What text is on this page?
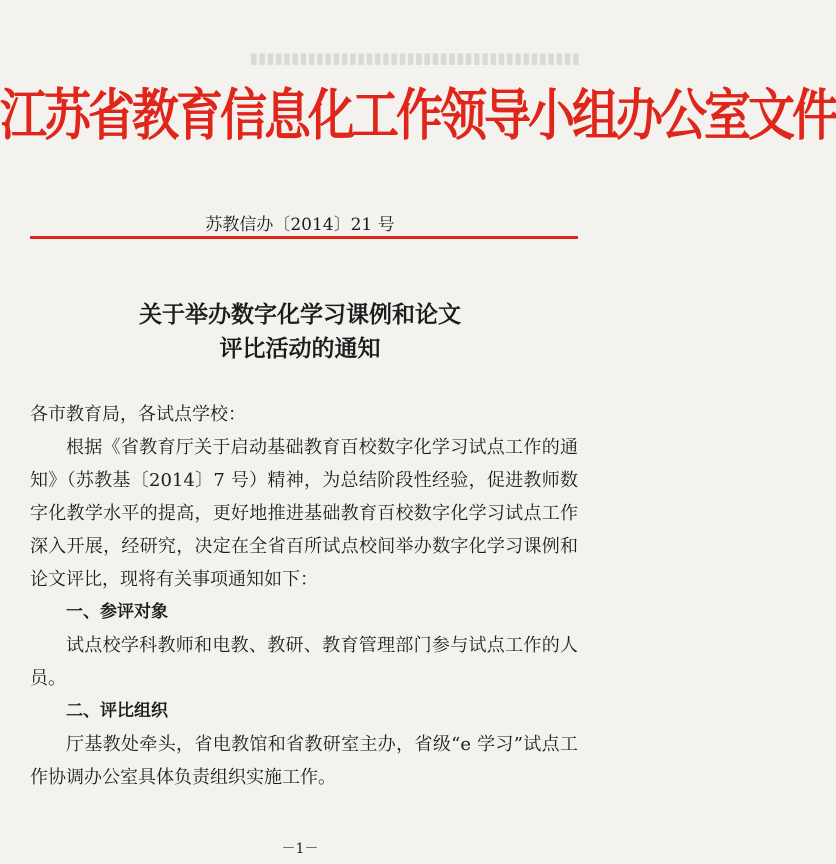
▮▮▮▮▮▮▮▮▮▮▮▮▮▮▮▮▮▮▮▮▮▮▮▮▮▮▮▮▮▮▮▮▮▮▮▮▮▮▮▮
江苏省教育信息化工作领导小组办公室文件
苏教信办〔2014〕21 号
关于举办数字化学习课例和论文
评比活动的通知
各市教育局，各试点学校：
根据《省教育厅关于启动基础教育百校数字化学习试点工作的通知》（苏教基〔2014〕7 号）精神，为总结阶段性经验，促进教师数字化教学水平的提高，更好地推进基础教育百校数字化学习试点工作深入开展，经研究，决定在全省百所试点校间举办数字化学习课例和论文评比，现将有关事项通知如下：
一、参评对象
试点校学科教师和电教、教研、教育管理部门参与试点工作的人员。
二、评比组织
厅基教处牵头，省电教馆和省教研室主办，省级“e 学习”试点工作协调办公室具体负责组织实施工作。
－1－
